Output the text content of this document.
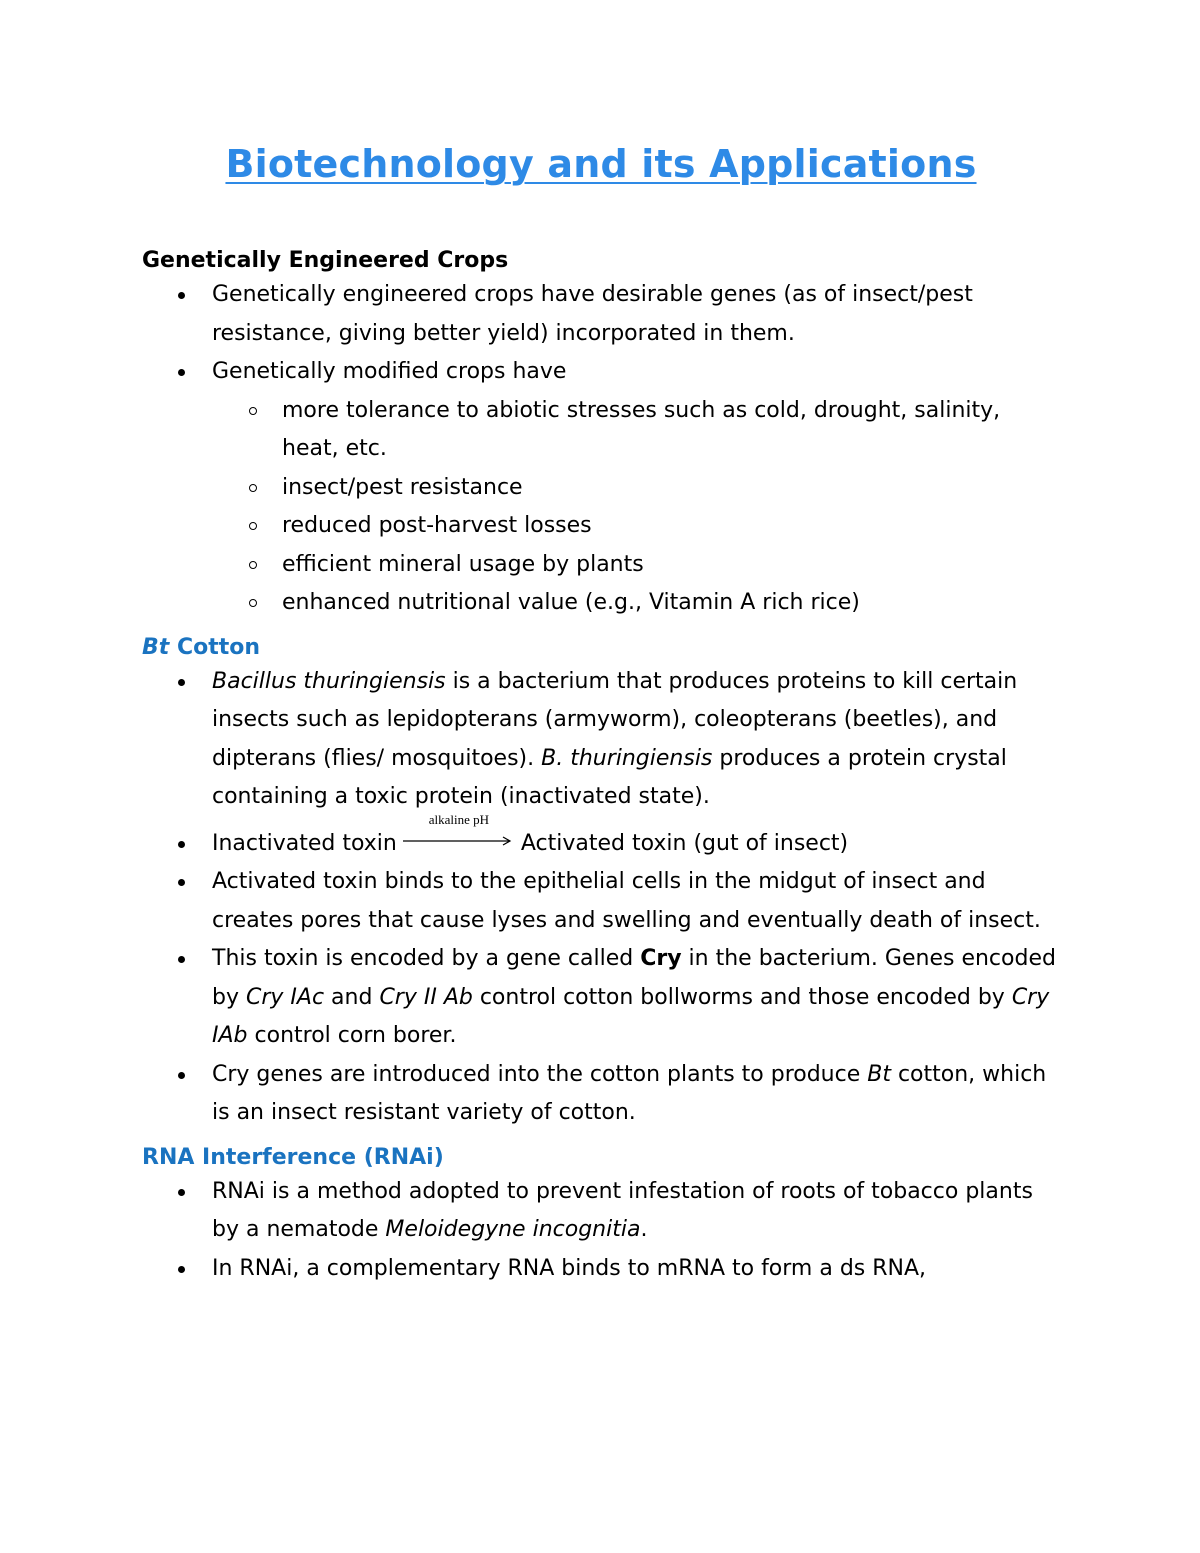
Biotechnology and its Applications
Genetically Engineered Crops
Genetically engineered crops have desirable genes (as of insect/pest resistance, giving better yield) incorporated in them.
Genetically modified crops have
more tolerance to abiotic stresses such as cold, drought, salinity, heat, etc.
insect/pest resistance
reduced post-harvest losses
efficient mineral usage by plants
enhanced nutritional value (e.g., Vitamin A rich rice)
Bt Cotton
Bacillus thuringiensis is a bacterium that produces proteins to kill certain insects such as lepidopterans (armyworm), coleopterans (beetles), and dipterans (flies/ mosquitoes). B. thuringiensis produces a protein crystal containing a toxic protein (inactivated state).
Inactivated toxin
alkaline pH
Activated toxin (gut of insect)
Activated toxin binds to the epithelial cells in the midgut of insect and creates pores that cause lyses and swelling and eventually death of insect.
This toxin is encoded by a gene called Cry in the bacterium. Genes encoded by Cry IAc and Cry II Ab control cotton bollworms and those encoded by Cry IAb control corn borer.
Cry genes are introduced into the cotton plants to produce Bt cotton, which is an insect resistant variety of cotton.
RNA Interference (RNAi)
RNAi is a method adopted to prevent infestation of roots of tobacco plants by a nematode Meloidegyne incognitia.
In RNAi, a complementary RNA binds to mRNA to form a ds RNA,
